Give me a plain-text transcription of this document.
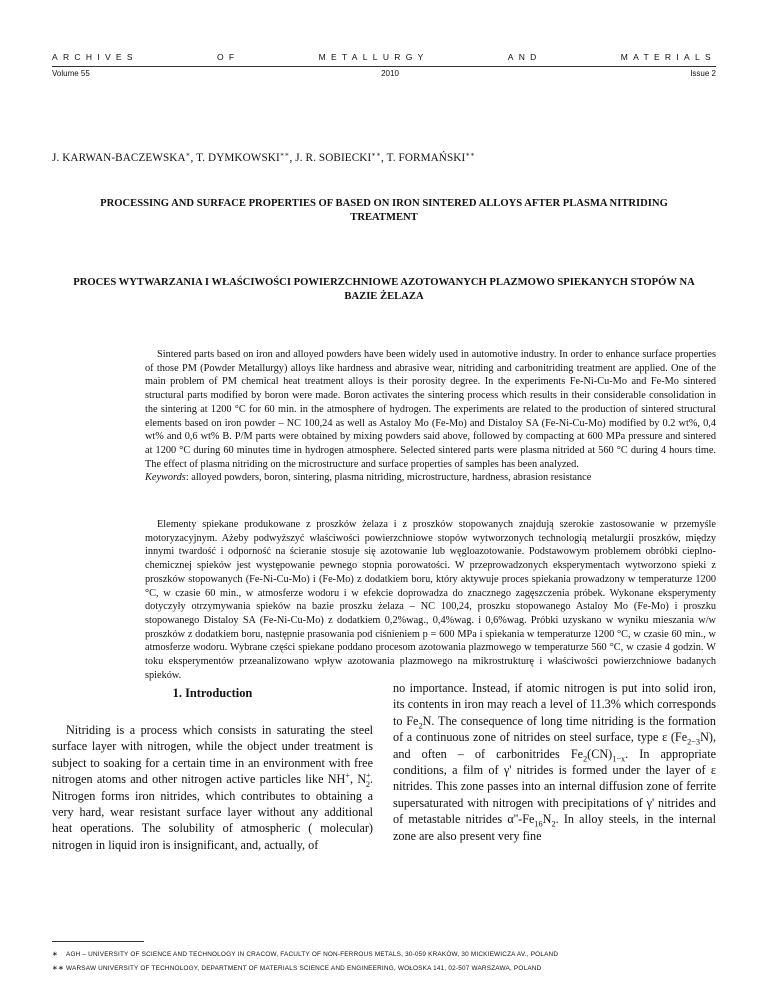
ARCHIVES	OF	METALLURGY	AND	MATERIALS
Volume 55	2010	Issue 2
J. KARWAN-BACZEWSKA∗, T. DYMKOWSKI∗∗, J. R. SOBIECKI∗∗, T. FORMAŃSKI∗∗
PROCESSING AND SURFACE PROPERTIES OF BASED ON IRON SINTERED ALLOYS AFTER PLASMA NITRIDING TREATMENT
PROCES WYTWARZANIA I WŁAŚCIWOŚCI POWIERZCHNIOWE AZOTOWANYCH PLAZMOWO SPIEKANYCH STOPÓW NA BAZIE ŻELAZA
Sintered parts based on iron and alloyed powders have been widely used in automotive industry. In order to enhance surface properties of those PM (Powder Metallurgy) alloys like hardness and abrasive wear, nitriding and carbonitriding treatment are applied. One of the main problem of PM chemical heat treatment alloys is their porosity degree. In the experiments Fe-Ni-Cu-Mo and Fe-Mo sintered structural parts modified by boron were made. Boron activates the sintering process which results in their considerable consolidation in the sintering at 1200 °C for 60 min. in the atmosphere of hydrogen. The experiments are related to the production of sintered structural elements based on iron powder – NC 100,24 as well as Astaloy Mo (Fe-Mo) and Distaloy SA (Fe-Ni-Cu-Mo) modified by 0.2 wt%, 0,4 wt% and 0,6 wt% B. P/M parts were obtained by mixing powders said above, followed by compacting at 600 MPa pressure and sintered at 1200 °C during 60 minutes time in hydrogen atmosphere. Selected sintered parts were plasma nitrided at 560 °C during 4 hours time. The effect of plasma nitriding on the microstructure and surface properties of samples has been analyzed.
Keywords: alloyed powders, boron, sintering, plasma nitriding, microstructure, hardness, abrasion resistance
Elementy spiekane produkowane z proszków żelaza i z proszków stopowanych znajdują szerokie zastosowanie w przemyśle motoryzacyjnym. Ażeby podwyższyć właściwości powierzchniowe stopów wytworzonych technologią metalurgii proszków, między innymi twardość i odporność na ścieranie stosuje się azotowanie lub węgloazotowanie. Podstawowym problemem obróbki cieplno-chemicznej spieków jest występowanie pewnego stopnia porowatości. W przeprowadzonych eksperymentach wytworzono spieki z proszków stopowanych (Fe-Ni-Cu-Mo) i (Fe-Mo) z dodatkiem boru, który aktywuje proces spiekania prowadzony w temperaturze 1200 °C, w czasie 60 min., w atmosferze wodoru i w efekcie doprowadza do znacznego zagęszczenia próbek. Wykonane eksperymenty dotyczyły otrzymywania spieków na bazie proszku żelaza – NC 100,24, proszku stopowanego Astaloy Mo (Fe-Mo) i proszku stopowanego Distaloy SA (Fe-Ni-Cu-Mo) z dodatkiem 0,2%wag., 0,4%wag. i 0,6%wag. Próbki uzyskano w wyniku mieszania w/w proszków z dodatkiem boru, następnie prasowania pod ciśnieniem p = 600 MPa i spiekania w temperaturze 1200 °C, w czasie 60 min., w atmosferze wodoru. Wybrane części spiekane poddano procesom azotowania plazmowego w temperaturze 560 °C, w czasie 4 godzin. W toku eksperymentów przeanalizowano wpływ azotowania plazmowego na mikrostrukturę i właściwości powierzchniowe badanych spieków.
1. Introduction
Nitriding is a process which consists in saturating the steel surface layer with nitrogen, while the object under treatment is subject to soaking for a certain time in an environment with free nitrogen atoms and other nitrogen active particles like NH+, $N^+_2$. Nitrogen forms iron nitrides, which contributes to obtaining a very hard, wear resistant surface layer without any additional heat operations. The solubility of atmospheric ( molecular) nitrogen in liquid iron is insignificant, and, actually, of
no importance. Instead, if atomic nitrogen is put into solid iron, its contents in iron may reach a level of 11.3% which corresponds to $Fe_2N$. The consequence of long time nitriding is the formation of a continuous zone of nitrides on steel surface, type ε $(Fe_{2-3}N)$, and often – of carbonitrides $Fe_2(CN)_{1-x}$. In appropriate conditions, a film of γ' nitrides is formed under the layer of ε nitrides. This zone passes into an internal diffusion zone of ferrite supersaturated with nitrogen with precipitations of γ' nitrides and of metastable nitrides $\alpha''-Fe_{16}N_2$. In alloy steels, in the internal zone are also present very fine
∗ AGH – UNIVERSITY OF SCIENCE AND TECHNOLOGY IN CRACOW, FACULTY OF NON-FERROUS METALS, 30-059 KRAKÓW, 30 MICKIEWICZA AV., POLAND
∗∗ WARSAW UNIVERSITY OF TECHNOLOGY, DEPARTMENT OF MATERIALS SCIENCE AND ENGINEERING, WOŁOSKA 141, 02-507 WARSZAWA, POLAND
